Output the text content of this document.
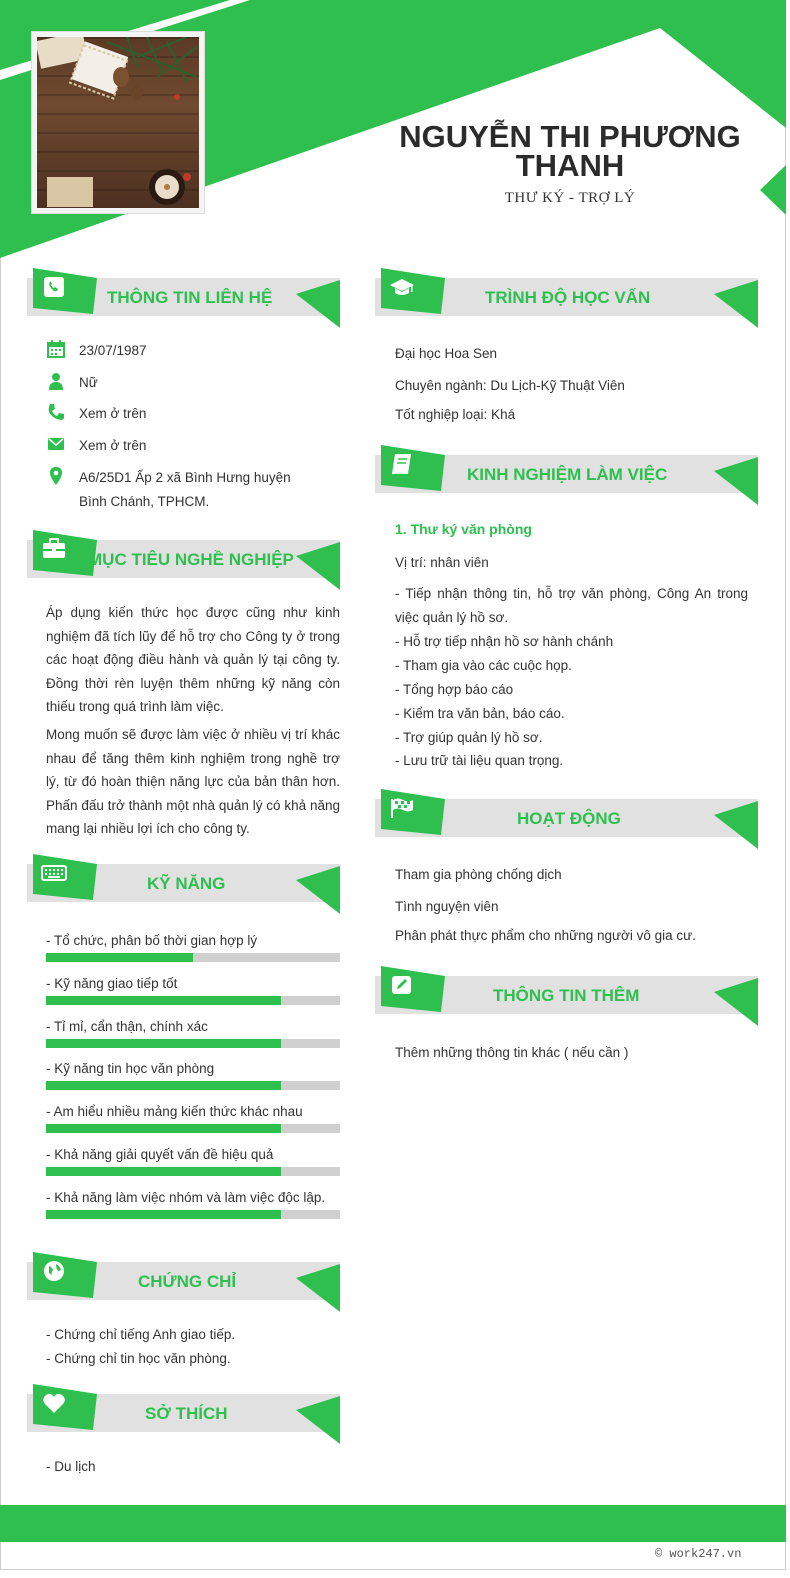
NGUYỄN THI PHƯƠNG THANH
THƯ KÝ - TRỢ LÝ
THÔNG TIN LIÊN HỆ
23/07/1987
Nữ
Xem ở trên
Xem ở trên
A6/25D1 Ấp 2 xã Bình Hưng huyện
Bình Chánh, TPHCM.
MỤC TIÊU NGHỀ NGHIỆP
Áp dụng kiến thức học được cũng như kinh nghiệm đã tích lũy để hỗ trợ cho Công ty ở trong các hoạt động điều hành và quản lý tại công ty. Đồng thời rèn luyện thêm những kỹ năng còn thiếu trong quá trình làm việc.
Mong muốn sẽ được làm việc ở nhiều vị trí khác nhau để tăng thêm kinh nghiệm trong nghề trợ lý, từ đó hoàn thiện năng lực của bản thân hơn. Phấn đấu trở thành một nhà quản lý có khả năng mang lại nhiều lợi ích cho công ty.
KỸ NĂNG
- Tổ chức, phân bố thời gian hợp lý
- Kỹ năng giao tiếp tốt
- Tỉ mỉ, cẩn thận, chính xác
- Kỹ năng tin học văn phòng
- Am hiểu nhiều mảng kiến thức khác nhau
- Khả năng giải quyết vấn đề hiệu quả
- Khả năng làm việc nhóm và làm việc độc lập.
CHỨNG CHỈ
- Chứng chỉ tiếng Anh giao tiếp.
- Chứng chỉ tin học văn phòng.
SỞ THÍCH
- Du lịch
TRÌNH ĐỘ HỌC VẤN
Đại học Hoa Sen
Chuyên ngành: Du Lịch-Kỹ Thuật Viên
Tốt nghiệp loại: Khá
KINH NGHIỆM LÀM VIỆC
1. Thư ký văn phòng
Vị trí: nhân viên
- Tiếp nhận thông tin, hỗ trợ văn phòng, Công An trong việc quản lý hồ sơ.
- Hỗ trợ tiếp nhận hồ sơ hành chánh
- Tham gia vào các cuộc họp.
- Tổng hợp báo cáo
- Kiểm tra văn bản, báo cáo.
- Trợ giúp quản lý hồ sơ.
- Lưu trữ tài liệu quan trọng.
HOẠT ĐỘNG
Tham gia phòng chống dịch
Tình nguyện viên
Phân phát thực phẩm cho những người vô gia cư.
THÔNG TIN THÊM
Thêm những thông tin khác ( nếu cần )
© work247.vn
